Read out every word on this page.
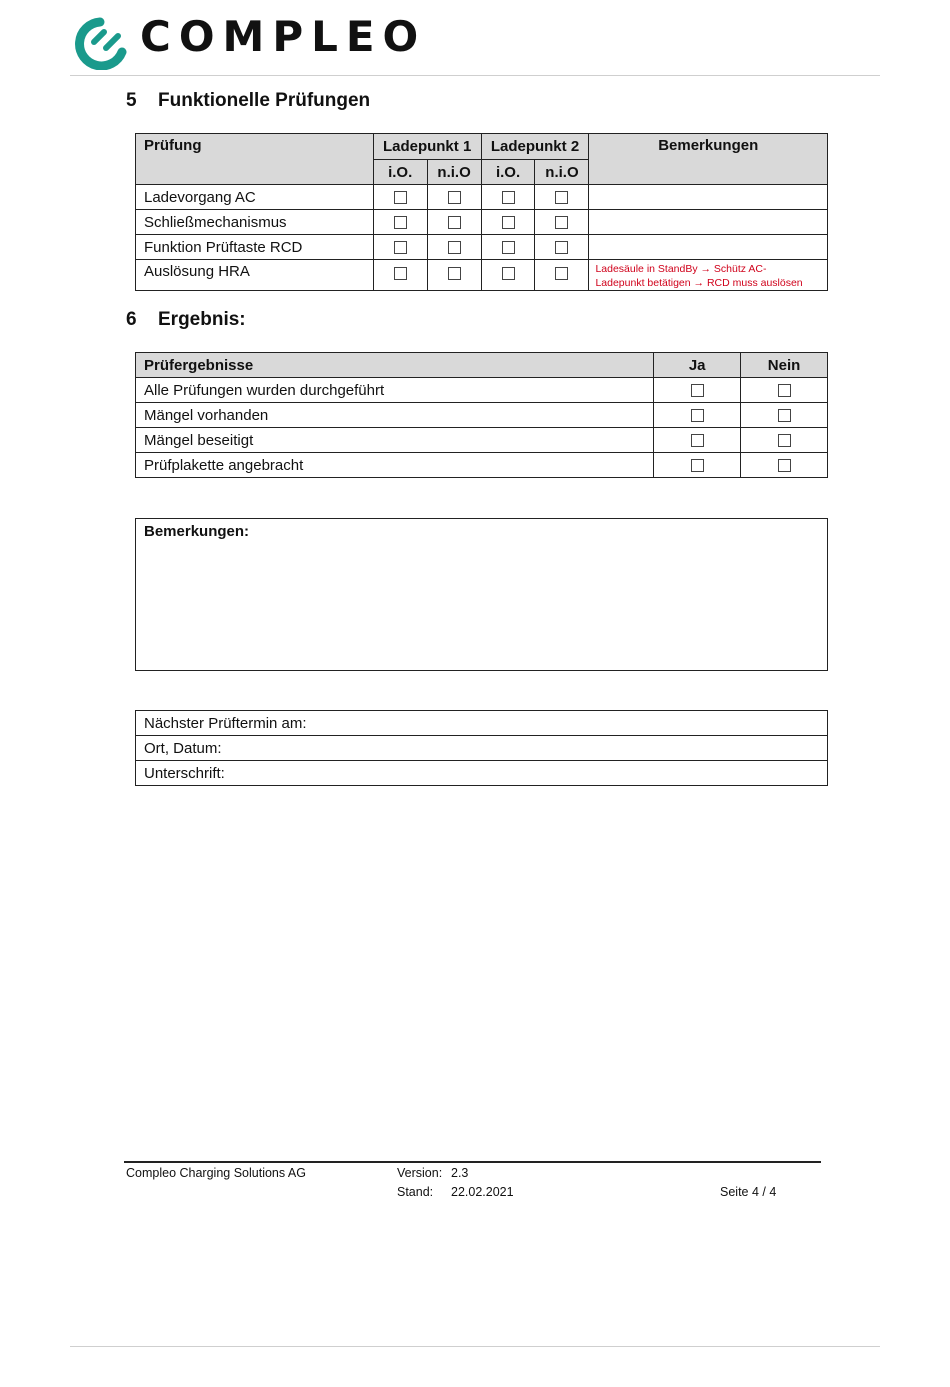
COMPLEO
5 Funktionelle Prüfungen
Prüfung	Ladepunkt 1		Ladepunkt 2		Bemerkungen
	i.O.	n.i.O	i.O.	n.i.O	
Ladevorgang AC					
Schließmechanismus					
Funktion Prüftaste RCD					
Auslösung HRA					Ladesäule in StandBy → Schütz AC-
Ladepunkt betätigen → RCD muss auslösen
6 Ergebnis:
Prüfergebnisse	Ja	Nein
Alle Prüfungen wurden durchgeführt		
Mängel vorhanden		
Mängel beseitigt		
Prüfplakette angebracht		
Bemerkungen:
Nächster Prüftermin am:
Ort, Datum:
Unterschrift:
Compleo Charging Solutions AG	Version: 2.3
Stand: 22.02.2021	Seite 4 / 4
